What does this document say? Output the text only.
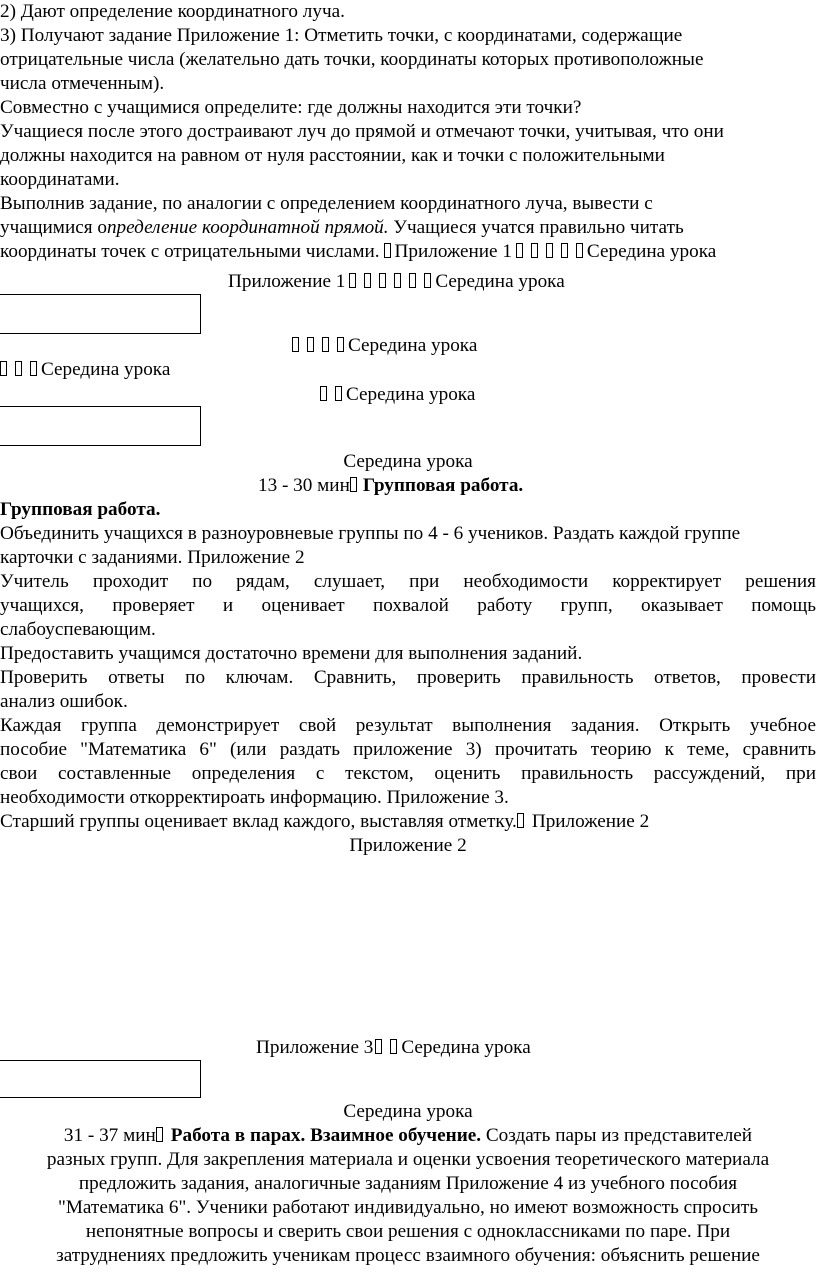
2) Дают определение координатного луча.
3) Получают задание Приложение 1: Отметить точки, с координатами, содержащие
отрицательные числа (желательно дать точки, координаты которых противоположные
числа отмеченным).
Совместно с учащимися определите: где должны находится эти точки?
Учащиеся после этого достраивают луч до прямой и отмечают точки, учитывая, что они
должны находится на равном от нуля расстоянии, как и точки с положительными
координатами.
Выполнив задание, по аналогии с определением координатного луча, вывести с
учащимися определение координатной прямой. Учащиеся учатся правильно читать
координаты точек с отрицательными числами. Приложение 1	Середина урока
Приложение 1	Середина урока
Середина урока
Середина урока
Середина урока
Середина урока
13 - 30 мин Групповая работа.
Групповая работа.
Объединить учащихся в разноуровневые группы по 4 - 6 учеников. Раздать каждой группе
карточки с заданиями. Приложение 2
Учитель проходит по рядам, слушает, при необходимости корректирует решения
учащихся, проверяет и оценивает похвалой работу групп, оказывает помощь
слабоуспевающим.
Предоставить учащимся достаточно времени для выполнения заданий.
Проверить ответы по ключам. Сравнить, проверить правильность ответов, провести
анализ ошибок.
Каждая группа демонстрирует свой результат выполнения задания. Открыть учебное
пособие "Математика 6" (или раздать приложение 3) прочитать теорию к теме, сравнить
свои составленные определения с текстом, оценить правильность рассуждений, при
необходимости откорректироать информацию. Приложение 3.
Старший группы оценивает вклад каждого, выставляя отметку. Приложение 2
Приложение 2
Приложение 3 Середина урока
Середина урока
31 - 37 мин Работа в парах. Взаимное обучение. Создать пары из представителей
разных групп. Для закрепления материала и оценки усвоения теоретического материала
предложить задания, аналогичные заданиям Приложение 4 из учебного пособия
"Математика 6". Ученики работают индивидуально, но имеют возможность спросить
непонятные вопросы и сверить свои решения с одноклассниками по паре. При
затруднениях предложить ученикам процесс взаимного обучения: объяснить решение
